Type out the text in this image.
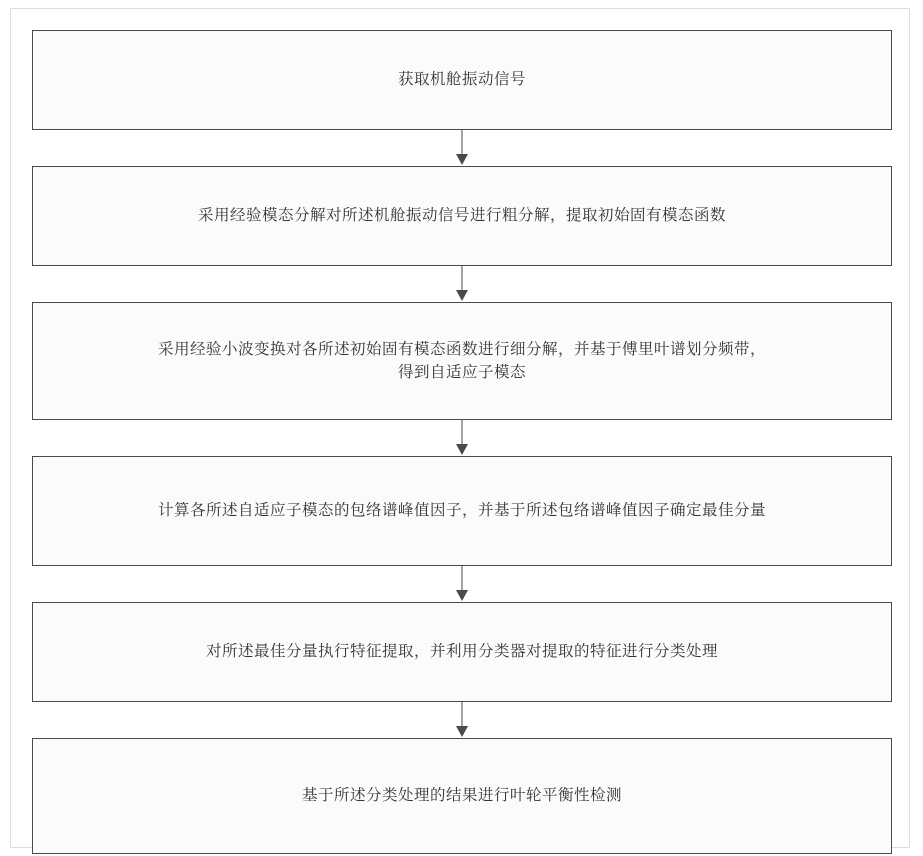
获取机舱振动信号
采用经验模态分解对所述机舱振动信号进行粗分解，提取初始固有模态函数
采用经验小波变换对各所述初始固有模态函数进行细分解，并基于傅里叶谱划分频带，
得到自适应子模态
计算各所述自适应子模态的包络谱峰值因子，并基于所述包络谱峰值因子确定最佳分量
对所述最佳分量执行特征提取，并利用分类器对提取的特征进行分类处理
基于所述分类处理的结果进行叶轮平衡性检测
